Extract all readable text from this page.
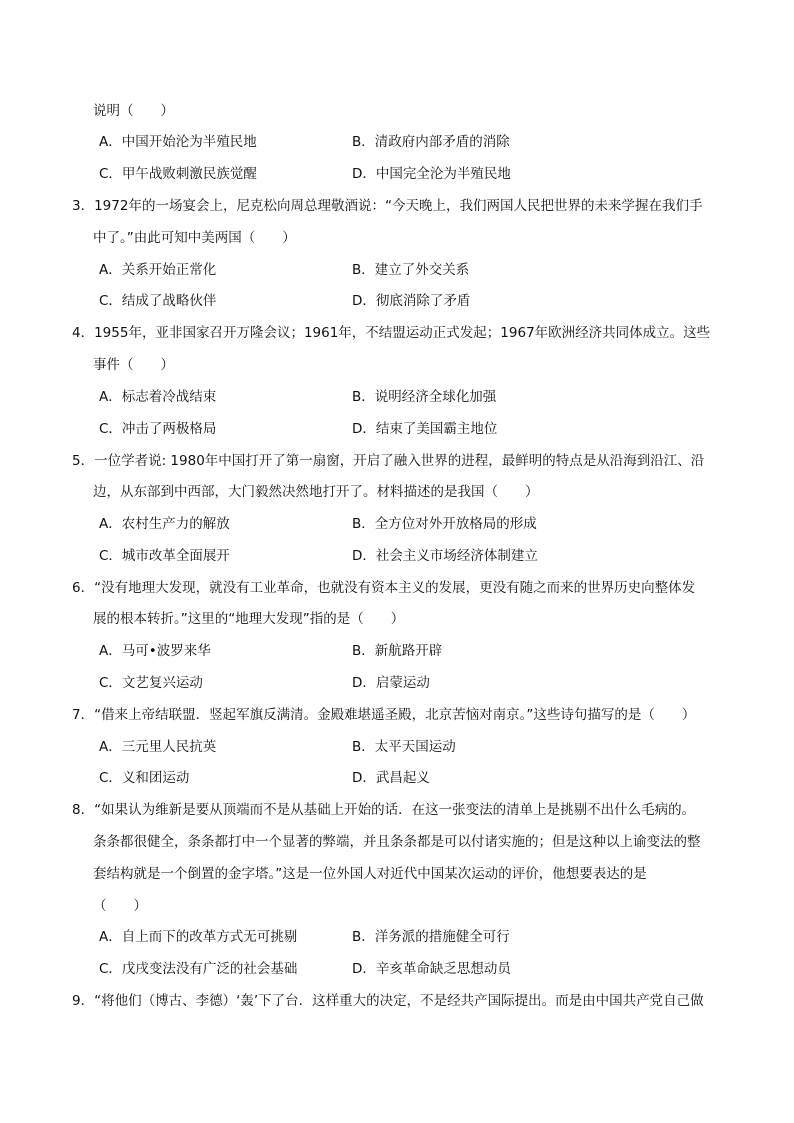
说明（　　）
A．中国开始沦为半殖民地	B．清政府内部矛盾的消除
C．甲午战败刺激民族觉醒	D．中国完全沦为半殖民地
3．1972年的一场宴会上，尼克松向周总理敬酒说：“今天晚上，我们两国人民把世界的未来学握在我们手
中了。”由此可知中美两国（　　）
A．关系开始正常化	B．建立了外交关系
C．结成了战略伙伴	D．彻底消除了矛盾
4．1955年，亚非国家召开万隆会议；1961年，不结盟运动正式发起；1967年欧洲经济共同体成立。这些
事件（　　）
A．标志着冷战结束	B．说明经济全球化加强
C．冲击了两极格局	D．结束了美国霸主地位
5．一位学者说: 1980年中国打开了第一扇窗，开启了融入世界的进程，最鲜明的特点是从沿海到沿江、沿
边，从东部到中西部，大门毅然决然地打开了。材料描述的是我国（　　）
A．农村生产力的解放	B．全方位对外开放格局的形成
C．城市改革全面展开	D．社会主义市场经济体制建立
6．“没有地理大发现，就没有工业革命，也就没有资本主义的发展，更没有随之而来的世界历史向整体发
展的根本转折。”这里的“地理大发现”指的是（　　）
A．马可•波罗来华	B．新航路开辟
C．文艺复兴运动	D．启蒙运动
7．“借来上帝结联盟．竖起军旗反满清。金殿难堪遥圣殿，北京苦恼对南京。”这些诗句描写的是（　　）
A．三元里人民抗英	B．太平天国运动
C．义和团运动	D．武昌起义
8．“如果认为维新是要从顶端而不是从基础上开始的话．在这一张变法的清单上是挑剔不出什么毛病的。
条条都很健全，条条都打中一个显著的弊端，并且条条都是可以付诸实施的；但是这种以上谕变法的整
套结构就是一个倒置的金字塔。”这是一位外国人对近代中国某次运动的评价，他想要表达的是
（　　）
A．自上而下的改革方式无可挑剔	B．洋务派的措施健全可行
C．戊戌变法没有广泛的社会基础	D．辛亥革命缺乏思想动员
9．“将他们（博古、李德）‘轰’下了台．这样重大的决定，不是经共产国际提出。而是由中国共产党自己做
